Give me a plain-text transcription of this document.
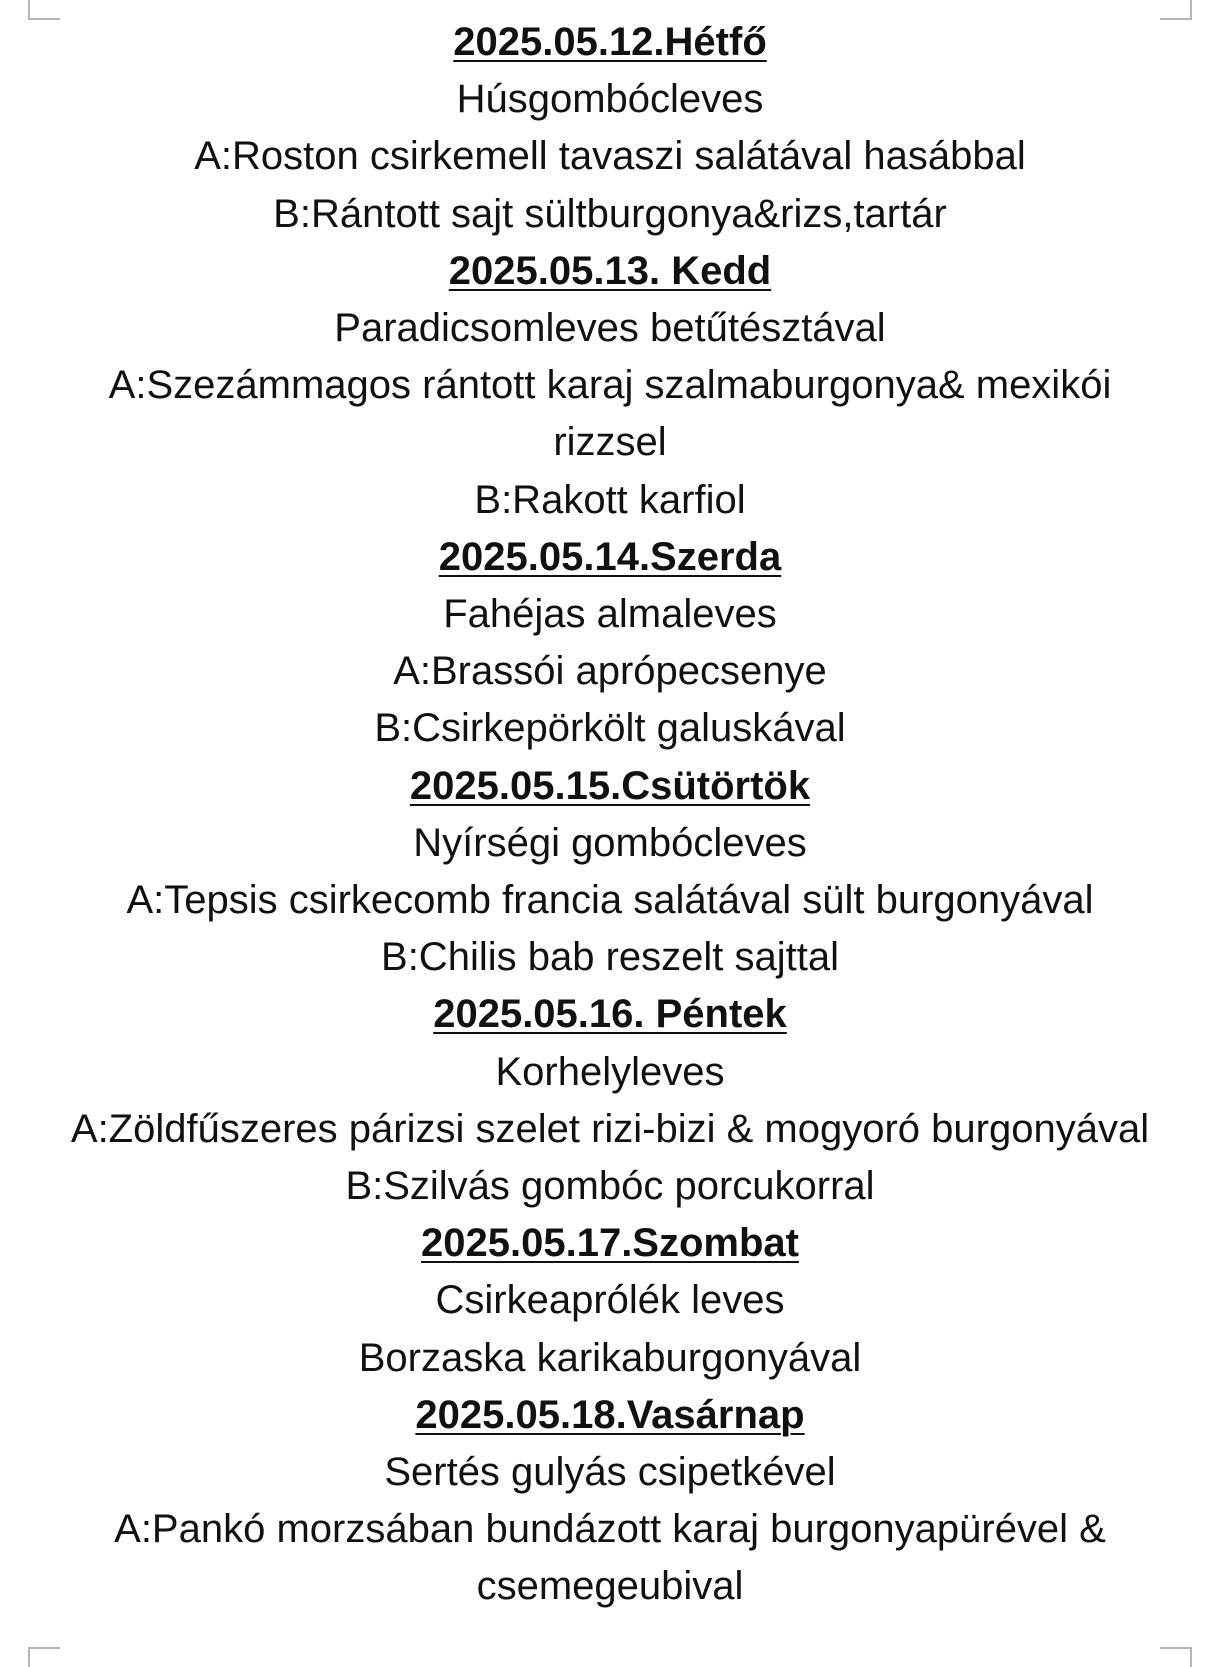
2025.05.12.Hétfő
Húsgombócleves
A:Roston csirkemell tavaszi salátával hasábbal
B:Rántott sajt sültburgonya&rizs,tartár
2025.05.13. Kedd
Paradicsomleves betűtésztával
A:Szezámmagos rántott karaj szalmaburgonya& mexikói rizzsel
B:Rakott karfiol
2025.05.14.Szerda
Fahéjas almaleves
A:Brassói aprópecsenye
B:Csirkepörkölt galuskával
2025.05.15.Csütörtök
Nyírségi gombócleves
A:Tepsis csirkecomb francia salátával sült burgonyával
B:Chilis bab reszelt sajttal
2025.05.16. Péntek
Korhelyleves
A:Zöldfűszeres párizsi szelet rizi-bizi & mogyoró burgonyával B:Szilvás gombóc porcukorral
2025.05.17.Szombat
Csirkeaprólék leves
Borzaska karikaburgonyával
2025.05.18.Vasárnap
Sertés gulyás csipetkével
A:Pankó morzsában bundázott karaj burgonyapürével & csemegeubival
